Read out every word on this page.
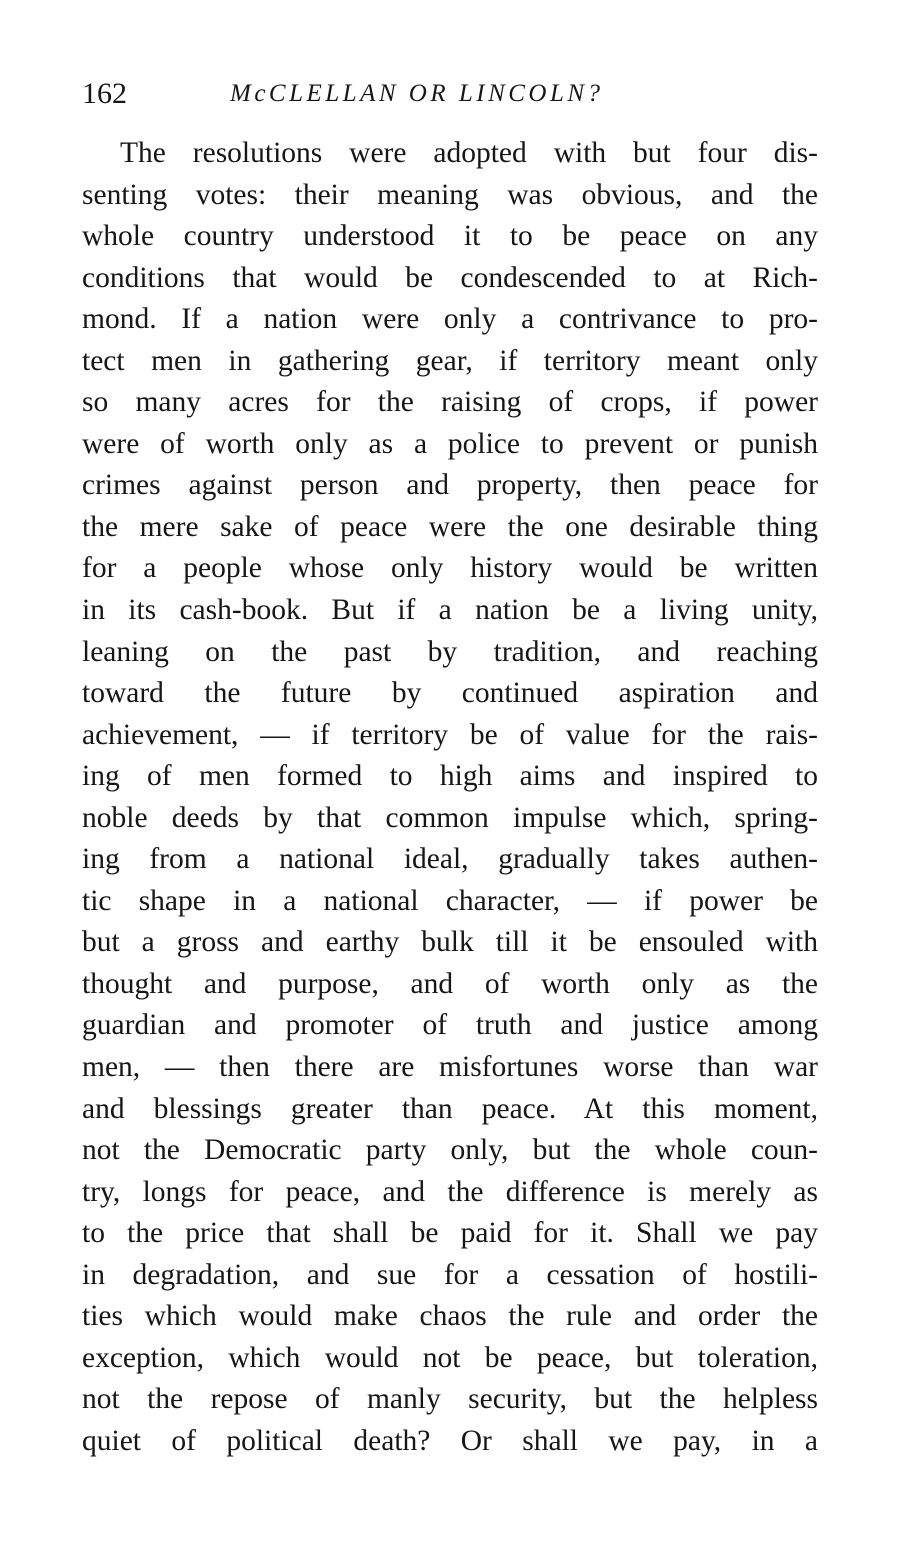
162	McCLELLAN OR LINCOLN?
The resolutions were adopted with but four dis-
senting votes: their meaning was obvious, and the
whole country understood it to be peace on any
conditions that would be condescended to at Rich-
mond. If a nation were only a contrivance to pro-
tect men in gathering gear, if territory meant only
so many acres for the raising of crops, if power
were of worth only as a police to prevent or punish
crimes against person and property, then peace for
the mere sake of peace were the one desirable thing
for a people whose only history would be written
in its cash-book. But if a nation be a living unity,
leaning on the past by tradition, and reaching
toward the future by continued aspiration and
achievement, — if territory be of value for the rais-
ing of men formed to high aims and inspired to
noble deeds by that common impulse which, spring-
ing from a national ideal, gradually takes authen-
tic shape in a national character, — if power be
but a gross and earthy bulk till it be ensouled with
thought and purpose, and of worth only as the
guardian and promoter of truth and justice among
men, — then there are misfortunes worse than war
and blessings greater than peace. At this moment,
not the Democratic party only, but the whole coun-
try, longs for peace, and the difference is merely as
to the price that shall be paid for it. Shall we pay
in degradation, and sue for a cessation of hostili-
ties which would make chaos the rule and order the
exception, which would not be peace, but toleration,
not the repose of manly security, but the helpless
quiet of political death? Or shall we pay, in a
